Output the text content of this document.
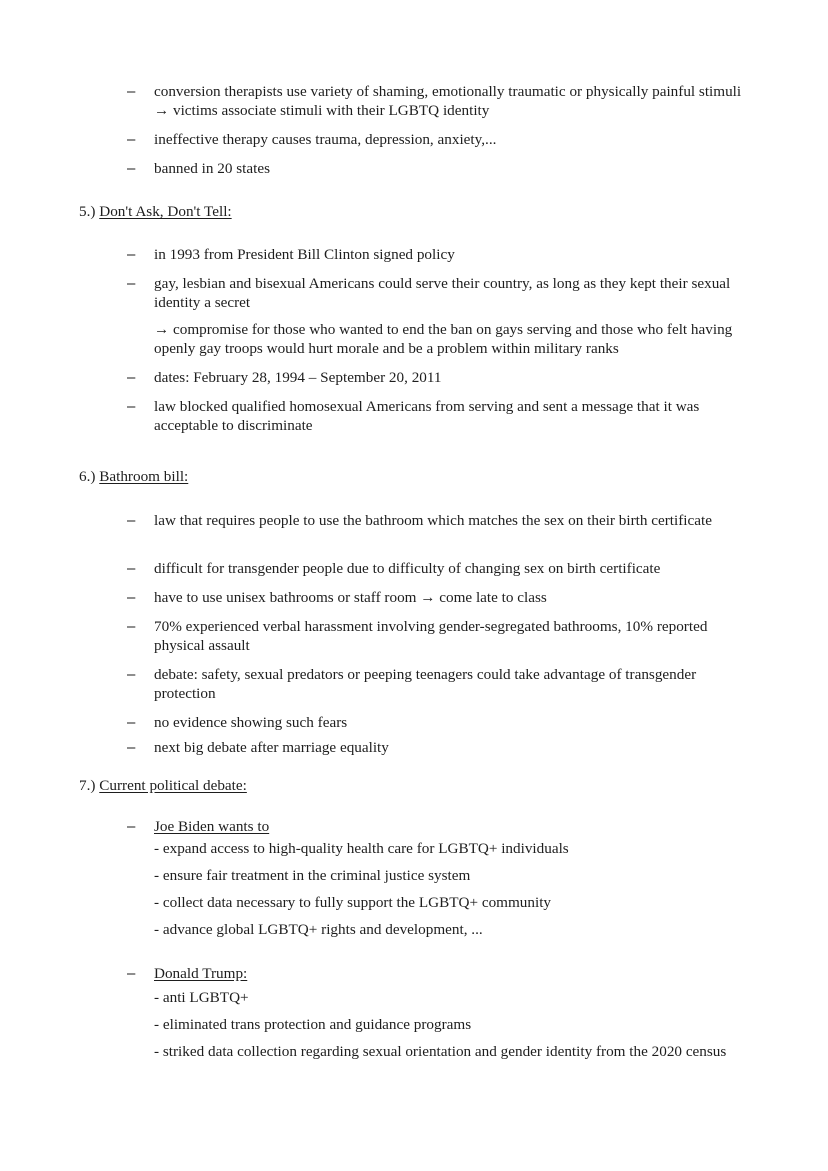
– conversion therapists use variety of shaming, emotionally traumatic or physically painful stimuli → victims associate stimuli with their LGBTQ identity
– ineffective therapy causes trauma, depression, anxiety,...
– banned in 20 states
5.) Don't Ask, Don't Tell:
– in 1993 from President Bill Clinton signed policy
– gay, lesbian and bisexual Americans could serve their country, as long as they kept their sexual identity a secret
→ compromise for those who wanted to end the ban on gays serving and those who felt having openly gay troops would hurt morale and be a problem within military ranks
– dates: February 28, 1994 – September 20, 2011
– law blocked qualified homosexual Americans from serving and sent a message that it was acceptable to discriminate
6.) Bathroom bill:
– law that requires people to use the bathroom which matches the sex on their birth certificate
– difficult for transgender people due to difficulty of changing sex on birth certificate
– have to use unisex bathrooms or staff room → come late to class
– 70% experienced verbal harassment involving gender-segregated bathrooms, 10% reported physical assault
– debate: safety, sexual predators or peeping teenagers could take advantage of transgender protection
– no evidence showing such fears
– next big debate after marriage equality
7.) Current political debate:
– Joe Biden wants to
- expand access to high-quality health care for LGBTQ+ individuals
- ensure fair treatment in the criminal justice system
- collect data necessary to fully support the LGBTQ+ community
- advance global LGBTQ+ rights and development, ...
– Donald Trump:
- anti LGBTQ+
- eliminated trans protection and guidance programs
- striked data collection regarding sexual orientation and gender identity from the 2020 census
